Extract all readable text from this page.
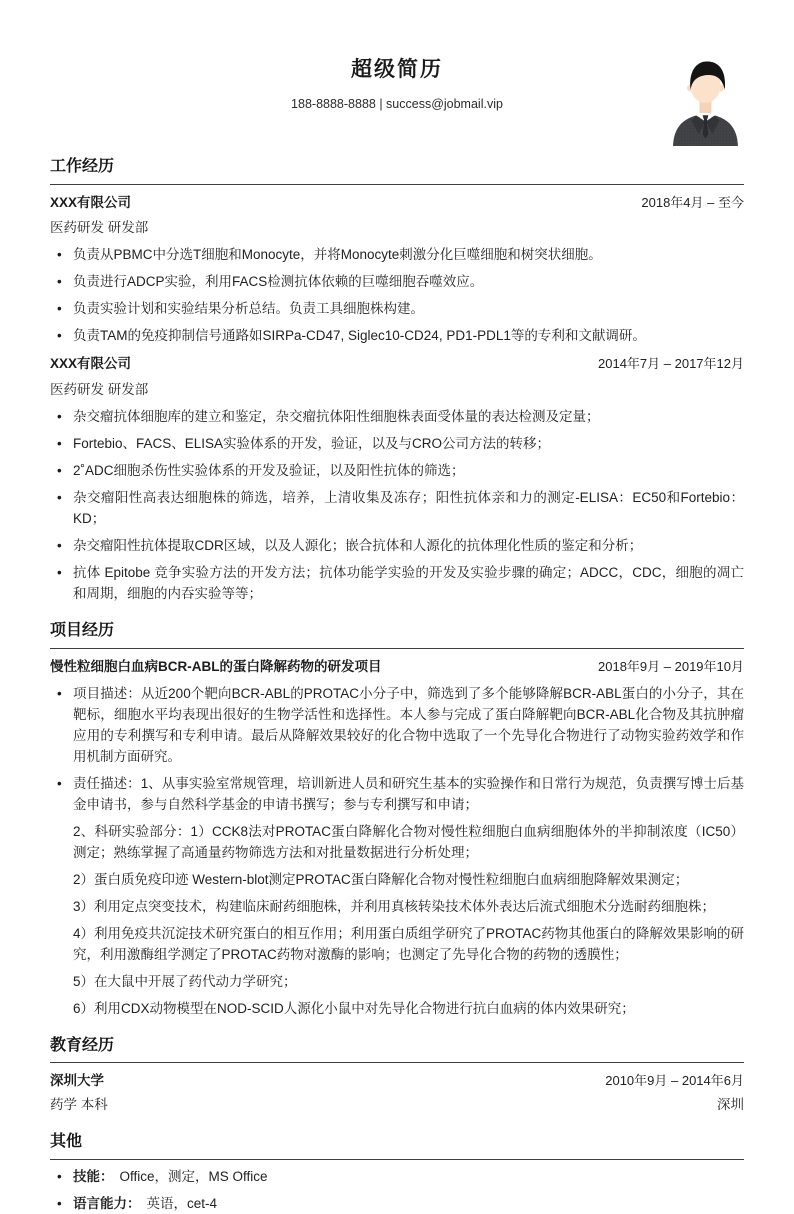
超级简历
188-8888-8888 | success@jobmail.vip
工作经历
XXX有限公司	2018年4月 – 至今
医药研发 研发部
• 负责从PBMC中分选T细胞和Monocyte，并将Monocyte刺激分化巨噬细胞和树突状细胞。
• 负责进行ADCP实验，利用FACS检测抗体依赖的巨噬细胞吞噬效应。
• 负责实验计划和实验结果分析总结。负责工具细胞株构建。
• 负责TAM的免疫抑制信号通路如SIRPa-CD47, Siglec10-CD24, PD1-PDL1等的专利和文献调研。
XXX有限公司	2014年7月 – 2017年12月
医药研发 研发部
• 杂交瘤抗体细胞库的建立和鉴定，杂交瘤抗体阳性细胞株表面受体量的表达检测及定量；
• Fortebio、FACS、ELISA实验体系的开发，验证，以及与CRO公司方法的转移；
• 2˚ADC细胞杀伤性实验体系的开发及验证，以及阳性抗体的筛选；
• 杂交瘤阳性高表达细胞株的筛选，培养，上清收集及冻存；阳性抗体亲和力的测定-ELISA：EC50和Fortebio：KD；
• 杂交瘤阳性抗体提取CDR区域，以及人源化；嵌合抗体和人源化的抗体理化性质的鉴定和分析；
• 抗体 Epitobe 竞争实验方法的开发方法；抗体功能学实验的开发及实验步骤的确定；ADCC，CDC，细胞的凋亡和周期，细胞的内吞实验等等；
项目经历
慢性粒细胞白血病BCR-ABL的蛋白降解药物的研发项目	2018年9月 – 2019年10月
• 项目描述：从近200个靶向BCR-ABL的PROTAC小分子中，筛选到了多个能够降解BCR-ABL蛋白的小分子，其在靶标，细胞水平均表现出很好的生物学活性和选择性。本人参与完成了蛋白降解靶向BCR-ABL化合物及其抗肿瘤应用的专利撰写和专利申请。最后从降解效果较好的化合物中选取了一个先导化合物进行了动物实验药效学和作用机制方面研究。
• 责任描述：1、从事实验室常规管理，培训新进人员和研究生基本的实验操作和日常行为规范，负责撰写博士后基金申请书，参与自然科学基金的申请书撰写；参与专利撰写和申请；

2、科研实验部分：1）CCK8法对PROTAC蛋白降解化合物对慢性粒细胞白血病细胞体外的半抑制浓度（IC50）测定；熟练掌握了高通量药物筛选方法和对批量数据进行分析处理；

2）蛋白质免疫印迹 Western-blot测定PROTAC蛋白降解化合物对慢性粒细胞白血病细胞降解效果测定；

3）利用定点突变技术，构建临床耐药细胞株，并利用真核转染技术体外表达后流式细胞术分选耐药细胞株；

4）利用免疫共沉淀技术研究蛋白的相互作用；利用蛋白质组学研究了PROTAC药物其他蛋白的降解效果影响的研究，利用激酶组学测定了PROTAC药物对激酶的影响；也测定了先导化合物的药物的透膜性；

5）在大鼠中开展了药代动力学研究；

6）利用CDX动物模型在NOD-SCID人源化小鼠中对先导化合物进行抗白血病的体内效果研究；

教育经历
深圳大学	2010年9月 – 2014年6月
药学 本科	深圳
其他
• 技能： Office，测定，MS Office
• 语言能力： 英语，cet-4
